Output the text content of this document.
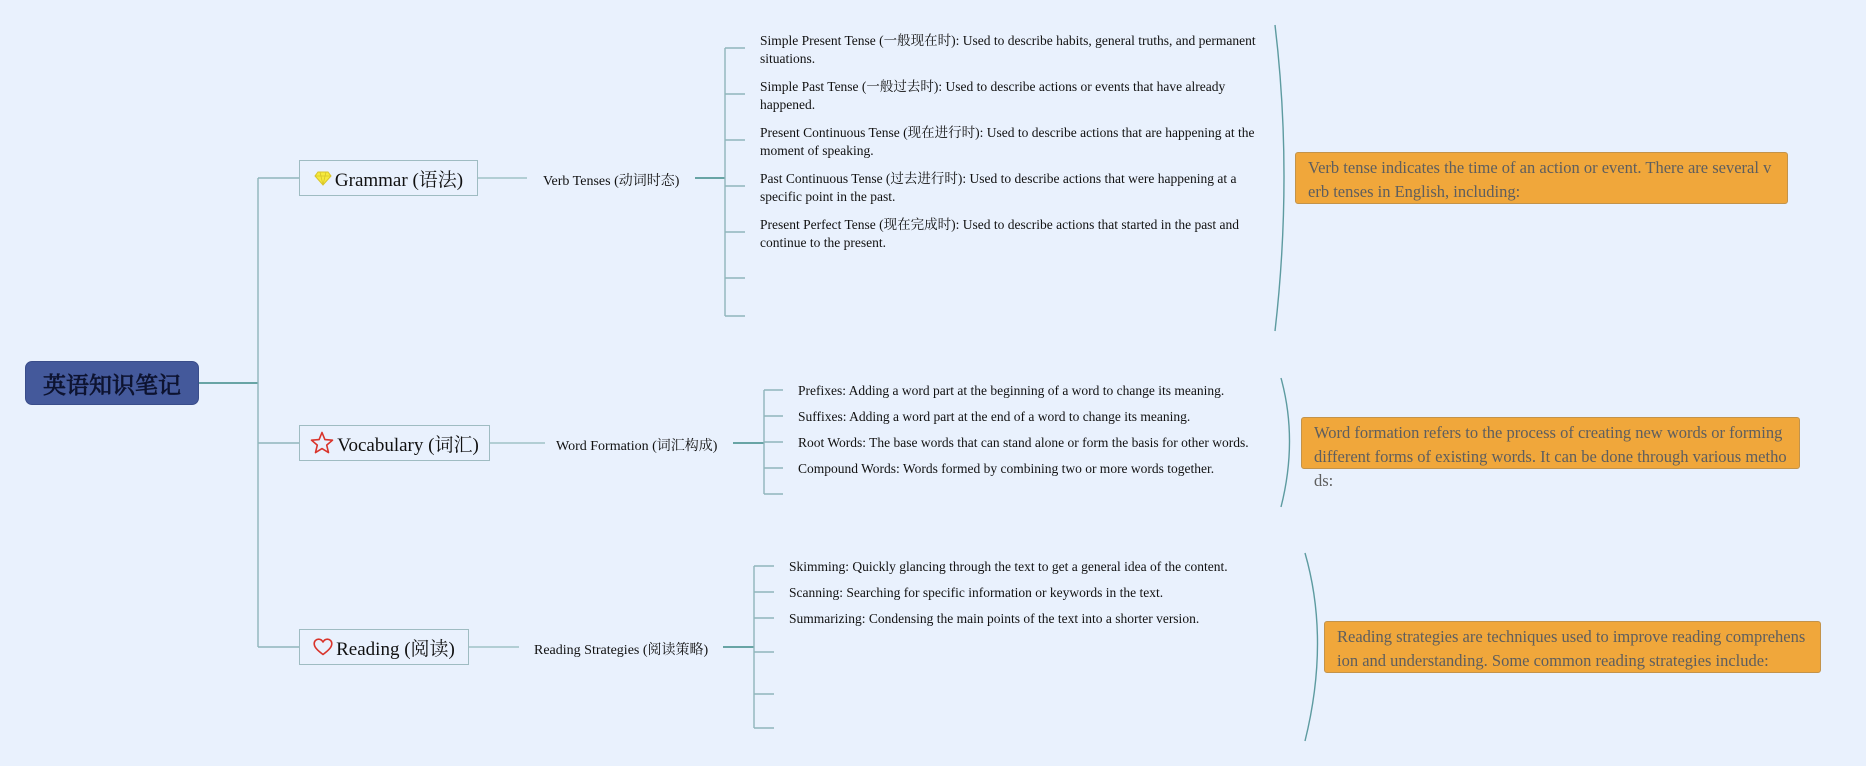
英语知识笔记
Grammar (语法)	Verb Tenses (动词时态)
Simple Present Tense (一般现在时): Used to describe habits, general truths, and permanent situations.
Simple Past Tense (一般过去时): Used to describe actions or events that have already happened.
Present Continuous Tense (现在进行时): Used to describe actions that are happening at the moment of speaking.
Past Continuous Tense (过去进行时): Used to describe actions that were happening at a specific point in the past.
Present Perfect Tense (现在完成时): Used to describe actions that started in the past and continue to the present.
Verb tense indicates the time of an action or event. There are several verb tenses in English, including:
Vocabulary (词汇)	Word Formation (词汇构成)
Prefixes: Adding a word part at the beginning of a word to change its meaning.
Suffixes: Adding a word part at the end of a word to change its meaning.
Root Words: The base words that can stand alone or form the basis for other words.
Compound Words: Words formed by combining two or more words together.
Word formation refers to the process of creating new words or forming different forms of existing words. It can be done through various methods:
Reading (阅读)	Reading Strategies (阅读策略)
Skimming: Quickly glancing through the text to get a general idea of the content.
Scanning: Searching for specific information or keywords in the text.
Summarizing: Condensing the main points of the text into a shorter version.
Reading strategies are techniques used to improve reading comprehension and understanding. Some common reading strategies include:
